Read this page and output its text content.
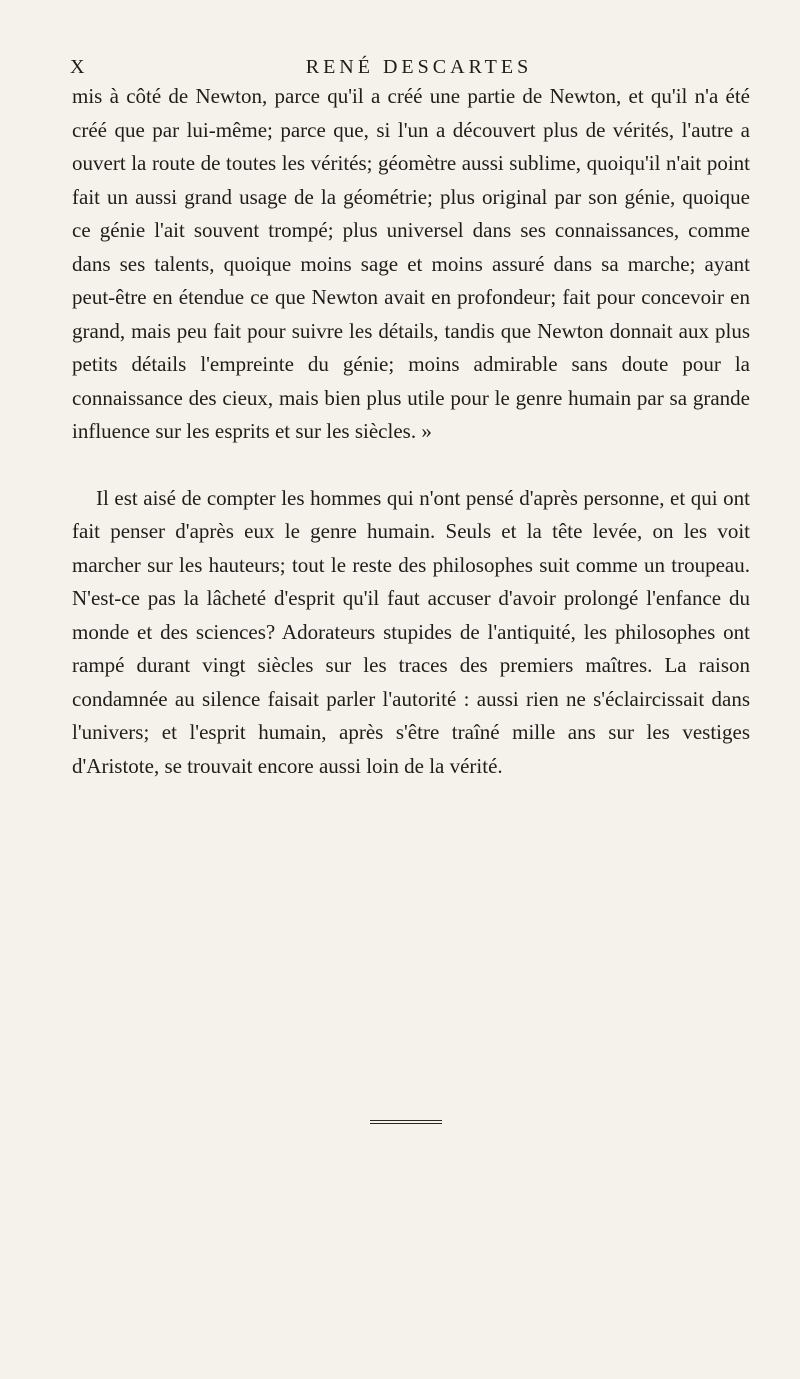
X	RENÉ DESCARTES

mis à côté de Newton, parce qu'il a créé une partie de Newton, et qu'il n'a été créé que par lui-même; parce que, si l'un a découvert plus de vérités, l'autre a ouvert la route de toutes les vérités; géomètre aussi sublime, quoiqu'il n'ait point fait un aussi grand usage de la géométrie; plus original par son génie, quoique ce génie l'ait souvent trompé; plus universel dans ses connaissances, comme dans ses talents, quoique moins sage et moins assuré dans sa marche; ayant peut-être en étendue ce que Newton avait en profondeur; fait pour concevoir en grand, mais peu fait pour suivre les détails, tandis que Newton donnait aux plus petits détails l'empreinte du génie; moins admirable sans doute pour la connaissance des cieux, mais bien plus utile pour le genre humain par sa grande influence sur les esprits et sur les siècles. »

Il est aisé de compter les hommes qui n'ont pensé d'après personne, et qui ont fait penser d'après eux le genre humain. Seuls et la tête levée, on les voit marcher sur les hauteurs; tout le reste des philosophes suit comme un troupeau. N'est-ce pas la lâcheté d'esprit qu'il faut accuser d'avoir prolongé l'enfance du monde et des sciences? Adorateurs stupides de l'antiquité, les philosophes ont rampé durant vingt siècles sur les traces des premiers maîtres. La raison condamnée au silence faisait parler l'autorité : aussi rien ne s'éclaircissait dans l'univers; et l'esprit humain, après s'être traîné mille ans sur les vestiges d'Aristote, se trouvait encore aussi loin de la vérité.
